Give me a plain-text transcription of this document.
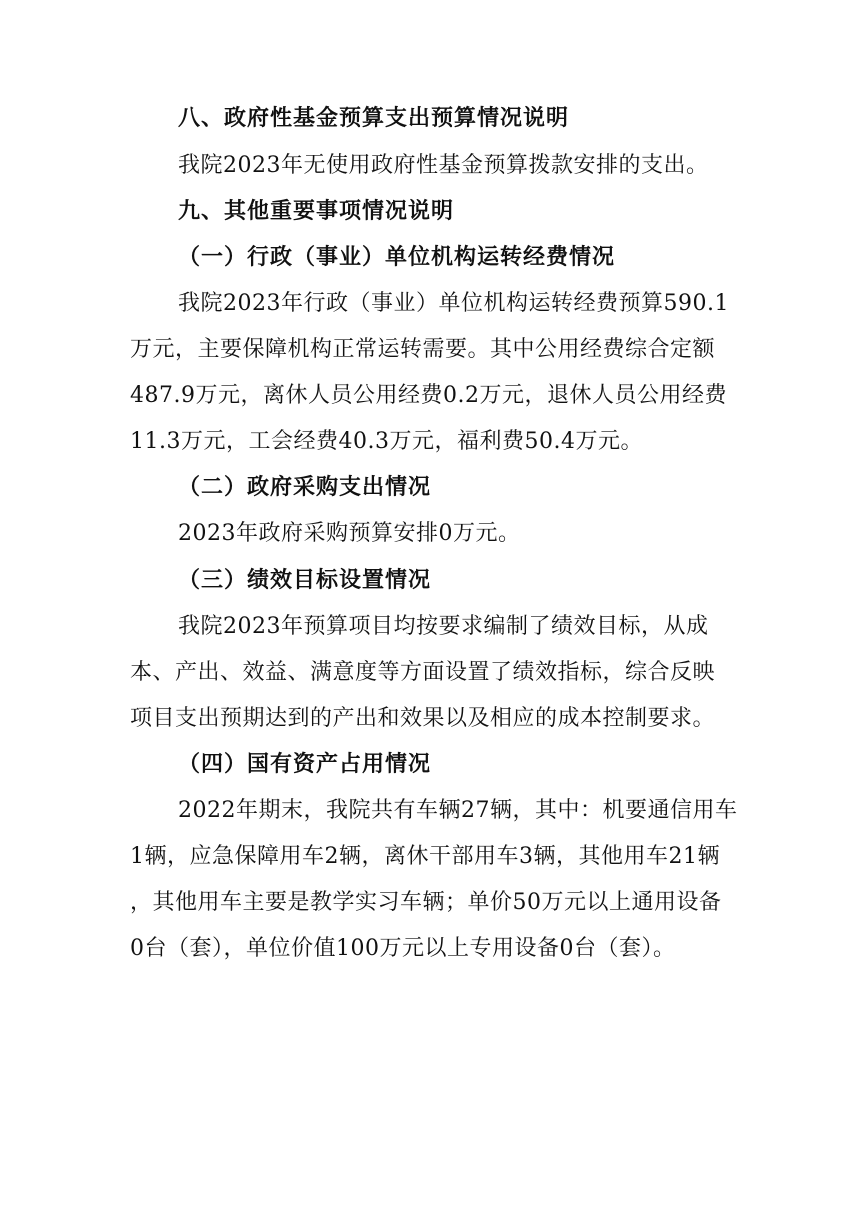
八、政府性基金预算支出预算情况说明
我院2023年无使用政府性基金预算拨款安排的支出。
九、其他重要事项情况说明
（一）行政（事业）单位机构运转经费情况
我院2023年行政（事业）单位机构运转经费预算590.1
万元，主要保障机构正常运转需要。其中公用经费综合定额
487.9万元，离休人员公用经费0.2万元，退休人员公用经费
11.3万元，工会经费40.3万元，福利费50.4万元。
（二）政府采购支出情况
2023年政府采购预算安排0万元。
（三）绩效目标设置情况
我院2023年预算项目均按要求编制了绩效目标，从成
本、产出、效益、满意度等方面设置了绩效指标，综合反映
项目支出预期达到的产出和效果以及相应的成本控制要求。
（四）国有资产占用情况
2022年期末，我院共有车辆27辆，其中：机要通信用车
1辆，应急保障用车2辆，离休干部用车3辆，其他用车21辆
，其他用车主要是教学实习车辆；单价50万元以上通用设备
0台（套），单位价值100万元以上专用设备0台（套）。
